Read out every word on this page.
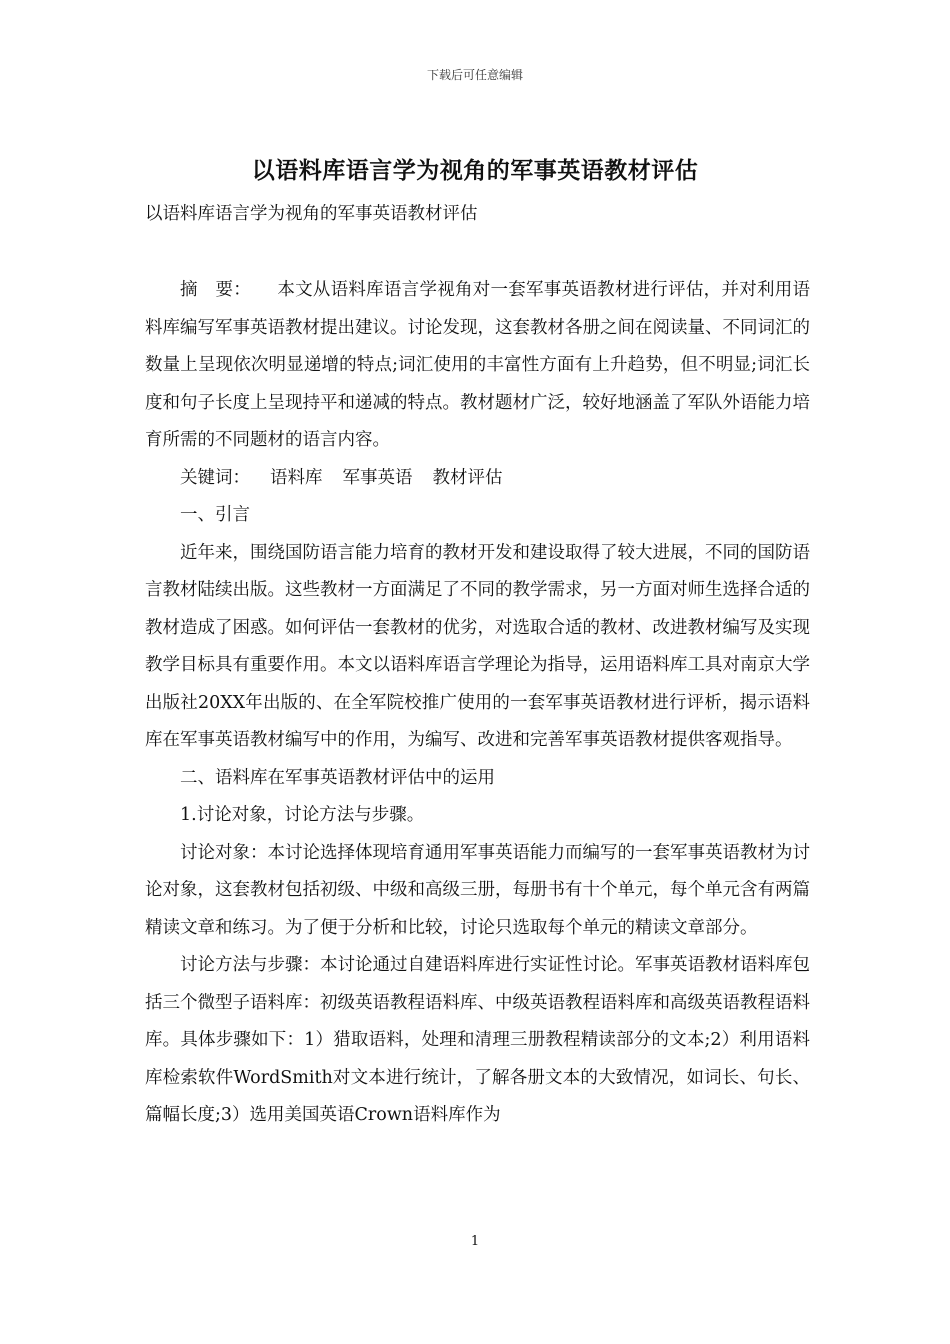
下载后可任意编辑
以语料库语言学为视角的军事英语教材评估
以语料库语言学为视角的军事英语教材评估

摘　要： 本文从语料库语言学视角对一套军事英语教材进行评估，并对利用语料库编写军事英语教材提出建议。讨论发现，这套教材各册之间在阅读量、不同词汇的数量上呈现依次明显递增的特点;词汇使用的丰富性方面有上升趋势，但不明显;词汇长度和句子长度上呈现持平和递减的特点。教材题材广泛，较好地涵盖了军队外语能力培育所需的不同题材的语言内容。

关键词： 语料库 军事英语 教材评估

一、引言

近年来，围绕国防语言能力培育的教材开发和建设取得了较大进展，不同的国防语言教材陆续出版。这些教材一方面满足了不同的教学需求，另一方面对师生选择合适的教材造成了困惑。如何评估一套教材的优劣，对选取合适的教材、改进教材编写及实现教学目标具有重要作用。本文以语料库语言学理论为指导，运用语料库工具对南京大学出版社20XX年出版的、在全军院校推广使用的一套军事英语教材进行评析，揭示语料库在军事英语教材编写中的作用，为编写、改进和完善军事英语教材提供客观指导。

二、语料库在军事英语教材评估中的运用

1.讨论对象，讨论方法与步骤。

讨论对象：本讨论选择体现培育通用军事英语能力而编写的一套军事英语教材为讨论对象，这套教材包括初级、中级和高级三册，每册书有十个单元，每个单元含有两篇精读文章和练习。为了便于分析和比较，讨论只选取每个单元的精读文章部分。

讨论方法与步骤：本讨论通过自建语料库进行实证性讨论。军事英语教材语料库包括三个微型子语料库：初级英语教程语料库、中级英语教程语料库和高级英语教程语料库。具体步骤如下：1）猎取语料，处理和清理三册教程精读部分的文本;2）利用语料库检索软件WordSmith对文本进行统计，了解各册文本的大致情况，如词长、句长、篇幅长度;3）选用美国英语Crown语料库作为

1
